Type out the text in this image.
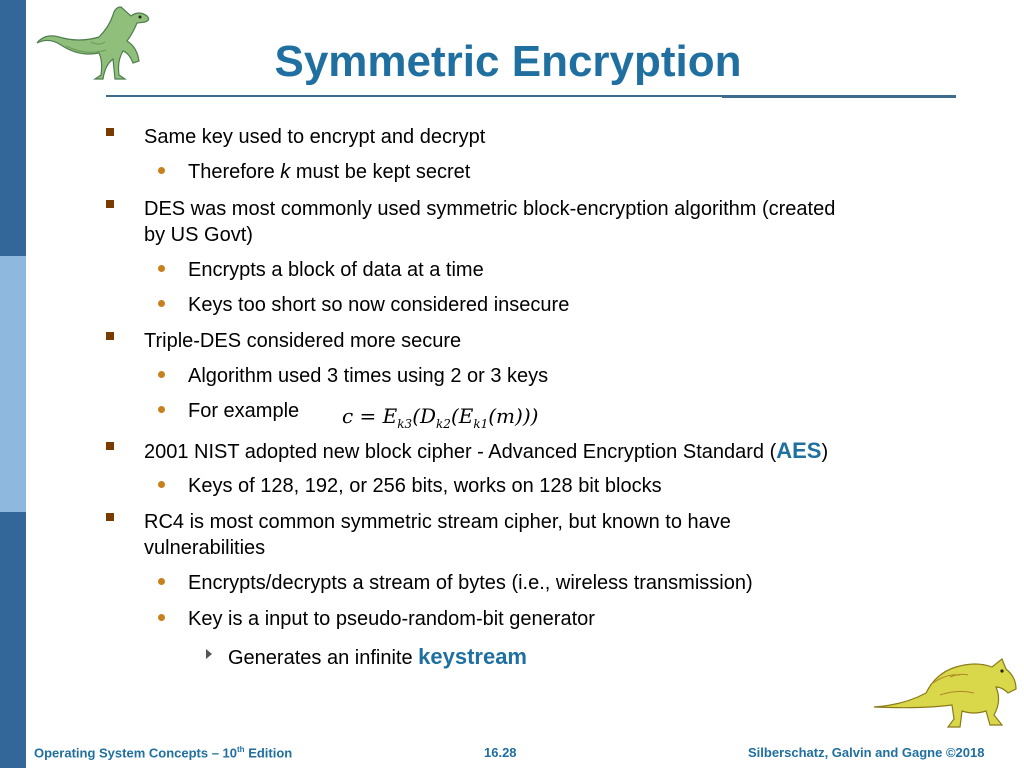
Symmetric Encryption
Same key used to encrypt and decrypt
Therefore k must be kept secret
DES was most commonly used symmetric block-encryption algorithm (created
by US Govt)
Encrypts a block of data at a time
Keys too short so now considered insecure
Triple-DES considered more secure
Algorithm used 3 times using 2 or 3 keys
For example	$c = E_{k3}(D_{k2}(E_{k1}(m)))$
2001 NIST adopted new block cipher - Advanced Encryption Standard (AES)
Keys of 128, 192, or 256 bits, works on 128 bit blocks
RC4 is most common symmetric stream cipher, but known to have
vulnerabilities
Encrypts/decrypts a stream of bytes (i.e., wireless transmission)
Key is a input to pseudo-random-bit generator
Generates an infinite keystream
Operating System Concepts – 10th Edition	16.28	Silberschatz, Galvin and Gagne ©2018
